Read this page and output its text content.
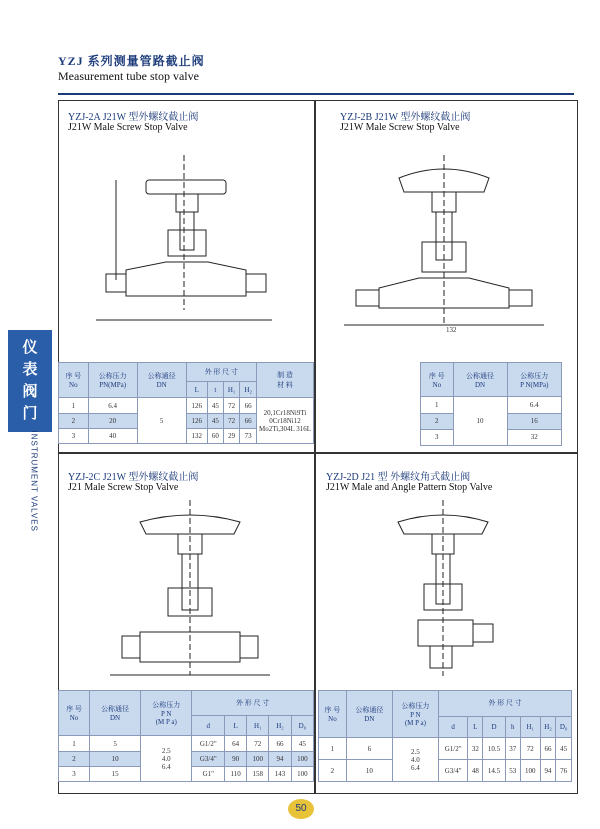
YZJ 系列测量管路截止阀
Measurement tube stop valve
仪
表
阀
门
INSTRUMENT VALVES
YZJ-2A J21W 型外螺纹截止阀
J21W Male Screw Stop Valve
序 号
No	公称压力
PN(MPa)	公称通径
DN	外 形 尺 寸				制 造
材 料
			L	t	H₁	H₂	
1	6.4	5	126	45	72	66	20,1Cr18Ni9Ti 0Cr18Ni12 Mo2Ti,304L 316L
2	20		126	45	72	66	
3	40		132	60	29	73	
YZJ-2B J21W 型外螺纹截止阀
J21W Male Screw Stop Valve
132
序 号
No	公称通径
DN	公称压力
P N(MPa)
1	10	6.4
2		16
3		32
YZJ-2C J21W 型外螺纹截止阀
J21 Male Screw Stop Valve
序 号
No	公称通径
DN	公称压力
P N
(M P a)	外 形 尺 寸				
			d	L	H₁	H₂	D₀
1	5	2.5
4.0
6.4	G1/2"	64	72	66	45
2	10		G3/4"	90	100	94	100
3	15		G1"	110	158	143	100
YZJ-2D J21 型 外螺纹角式截止阀
J21W Male and Angle Pattern Stop Valve
序 号
No	公称通径
DN	公称压力
P N
(M P a)	外 形 尺 寸						
			d	L	D	h	H₁	H₂	D₀
1	6	2.5
4.0
6.4	G1/2"	32	10.5	37	72	66	45
2	10		G3/4"	48	14.5	53	100	94	76
50
